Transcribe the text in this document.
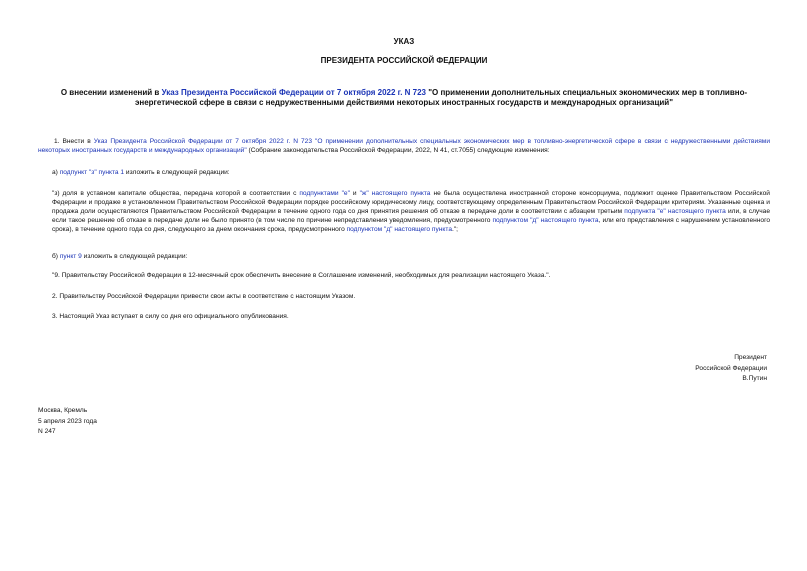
УКАЗ
ПРЕЗИДЕНТА РОССИЙСКОЙ ФЕДЕРАЦИИ
О внесении изменений в Указ Президента Российской Федерации от 7 октября 2022 г. N 723 "О применении дополнительных специальных экономических мер в топливно-энергетической сфере в связи с недружественными действиями некоторых иностранных государств и международных организаций"
1. Внести в Указ Президента Российской Федерации от 7 октября 2022 г. N 723 "О применении дополнительных специальных экономических мер в топливно-энергетической сфере в связи с недружественными действиями некоторых иностранных государств и международных организаций" (Собрание законодательства Российской Федерации, 2022, N 41, ст.7055) следующие изменения:
а) подпункт "з" пункта 1 изложить в следующей редакции:
"з) доля в уставном капитале общества, передача которой в соответствии с подпунктами "е" и "ж" настоящего пункта не была осуществлена иностранной стороне консорциума, подлежит оценке Правительством Российской Федерации и продаже в установленном Правительством Российской Федерации порядке российскому юридическому лицу, соответствующему определенным Правительством Российской Федерации критериям. Указанные оценка и продажа доли осуществляются Правительством Российской Федерации в течение одного года со дня принятия решения об отказе в передаче доли в соответствии с абзацем третьим подпункта "е" настоящего пункта или, в случае если такое решение об отказе в передаче доли не было принято (в том числе по причине непредставления уведомления, предусмотренного подпунктом "д" настоящего пункта, или его представления с нарушением установленного срока), в течение одного года со дня, следующего за днем окончания срока, предусмотренного подпунктом "д" настоящего пункта.";
б) пункт 9 изложить в следующей редакции:
"9. Правительству Российской Федерации в 12-месячный срок обеспечить внесение в Соглашение изменений, необходимых для реализации настоящего Указа.".
2. Правительству Российской Федерации привести свои акты в соответствие с настоящим Указом.
3. Настоящий Указ вступает в силу со дня его официального опубликования.
Президент
Российской Федерации
В.Путин
Москва, Кремль
5 апреля 2023 года
N 247
